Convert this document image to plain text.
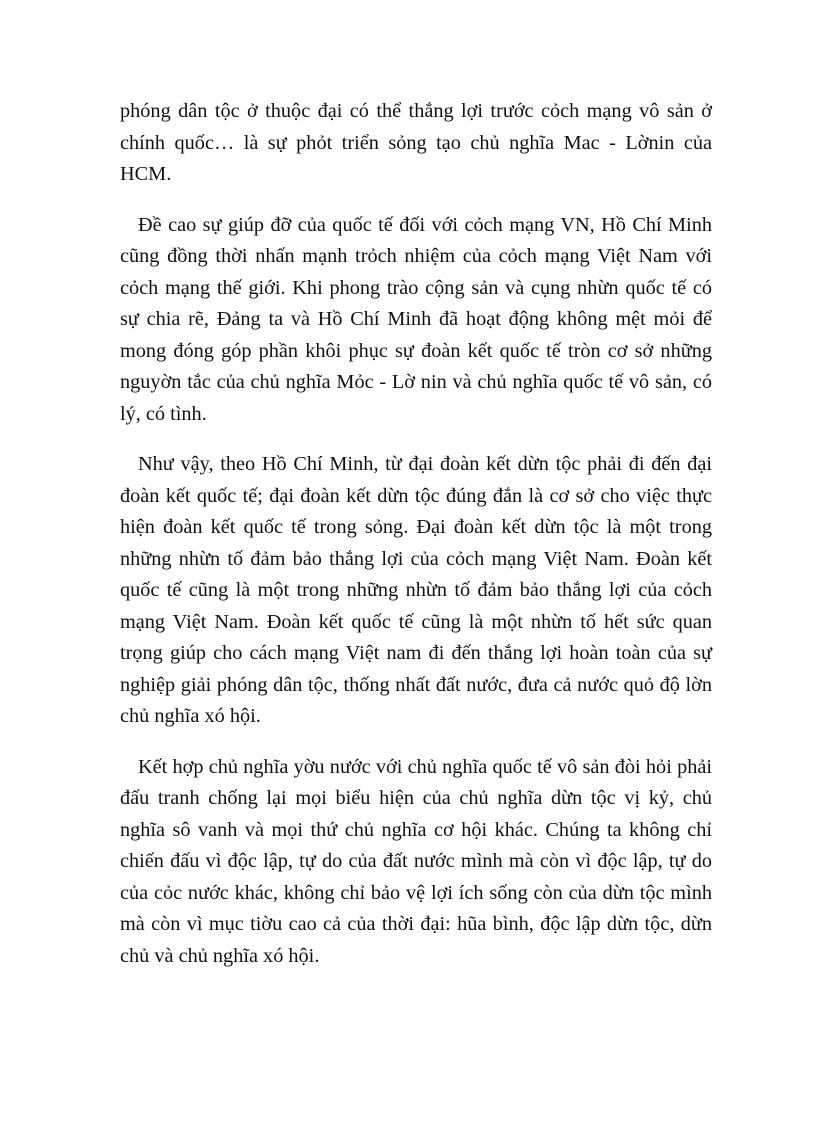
phóng dân tộc ở thuộc đại có thể thắng lợi trước cỏch mạng vô sản ở
chính quốc… là sự phỏt triển sỏng tạo chủ nghĩa Mac - Lờnin của
HCM.
Đề cao sự giúp đỡ của quốc tế đối với cỏch mạng VN, Hồ Chí Minh
cũng đồng thời nhấn mạnh trỏch nhiệm của cỏch mạng Việt Nam với
cỏch mạng thế giới. Khi phong trào cộng sản và cụng nhừn quốc tế có
sự chia rẽ, Đảng ta và Hồ Chí Minh đã hoạt động không mệt mỏi để
mong đóng góp phần khôi phục sự đoàn kết quốc tế tròn cơ sở những
nguyờn tắc của chủ nghĩa Mỏc - Lờ nin và chủ nghĩa quốc tế vô sản, có
lý, có tình.
Như vậy, theo Hồ Chí Minh, từ đại đoàn kết dừn tộc phải đi đến đại
đoàn kết quốc tế; đại đoàn kết dừn tộc đúng đắn là cơ sở cho việc thực
hiện đoàn kết quốc tế trong sỏng. Đại đoàn kết dừn tộc là một trong
những nhừn tố đảm bảo thắng lợi của cỏch mạng Việt Nam. Đoàn kết
quốc tế cũng là một trong những nhừn tố đảm bảo thắng lợi của cỏch
mạng Việt Nam. Đoàn kết quốc tế cũng là một nhừn tố hết sức quan
trọng giúp cho cách mạng Việt nam đi đến thắng lợi hoàn toàn của sự
nghiệp giải phóng dân tộc, thống nhất đất nước, đưa cả nước quỏ độ lờn
chủ nghĩa xó hội.
Kết hợp chủ nghĩa yờu nước với chủ nghĩa quốc tế vô sản đòi hỏi phải
đấu tranh chống lại mọi biểu hiện của chủ nghĩa dừn tộc vị kỷ, chủ
nghĩa sô vanh và mọi thứ chủ nghĩa cơ hội khác. Chúng ta không chỉ
chiến đấu vì độc lập, tự do của đất nước mình mà còn vì độc lập, tự do
của cỏc nước khác, không chỉ bảo vệ lợi ích sống còn của dừn tộc mình
mà còn vì mục tiờu cao cả của thời đại: hũa bình, độc lập dừn tộc, dừn
chủ và chủ nghĩa xó hội.
